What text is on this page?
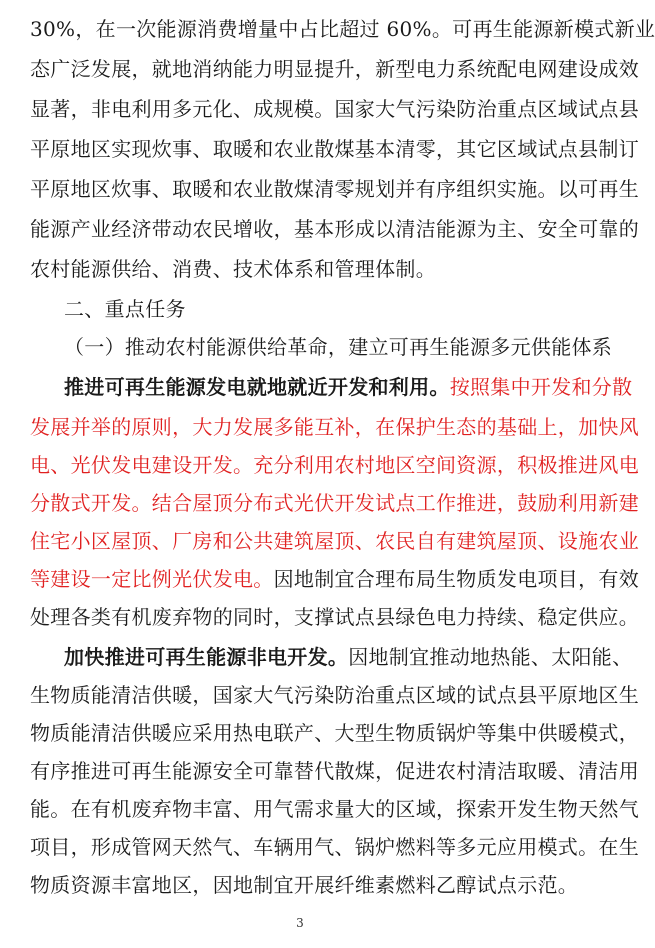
30%，在一次能源消费增量中占比超过 60%。可再生能源新模式新业
态广泛发展，就地消纳能力明显提升，新型电力系统配电网建设成效
显著，非电利用多元化、成规模。国家大气污染防治重点区域试点县
平原地区实现炊事、取暖和农业散煤基本清零，其它区域试点县制订
平原地区炊事、取暖和农业散煤清零规划并有序组织实施。以可再生
能源产业经济带动农民增收，基本形成以清洁能源为主、安全可靠的
农村能源供给、消费、技术体系和管理体制。
二、重点任务
（一）推动农村能源供给革命，建立可再生能源多元供能体系
推进可再生能源发电就地就近开发和利用。按照集中开发和分散
发展并举的原则，大力发展多能互补，在保护生态的基础上，加快风
电、光伏发电建设开发。充分利用农村地区空间资源，积极推进风电
分散式开发。结合屋顶分布式光伏开发试点工作推进，鼓励利用新建
住宅小区屋顶、厂房和公共建筑屋顶、农民自有建筑屋顶、设施农业
等建设一定比例光伏发电。因地制宜合理布局生物质发电项目，有效
处理各类有机废弃物的同时，支撑试点县绿色电力持续、稳定供应。
加快推进可再生能源非电开发。因地制宜推动地热能、太阳能、
生物质能清洁供暖，国家大气污染防治重点区域的试点县平原地区生
物质能清洁供暖应采用热电联产、大型生物质锅炉等集中供暖模式，
有序推进可再生能源安全可靠替代散煤，促进农村清洁取暖、清洁用
能。在有机废弃物丰富、用气需求量大的区域，探索开发生物天然气
项目，形成管网天然气、车辆用气、锅炉燃料等多元应用模式。在生
物质资源丰富地区，因地制宜开展纤维素燃料乙醇试点示范。
3
